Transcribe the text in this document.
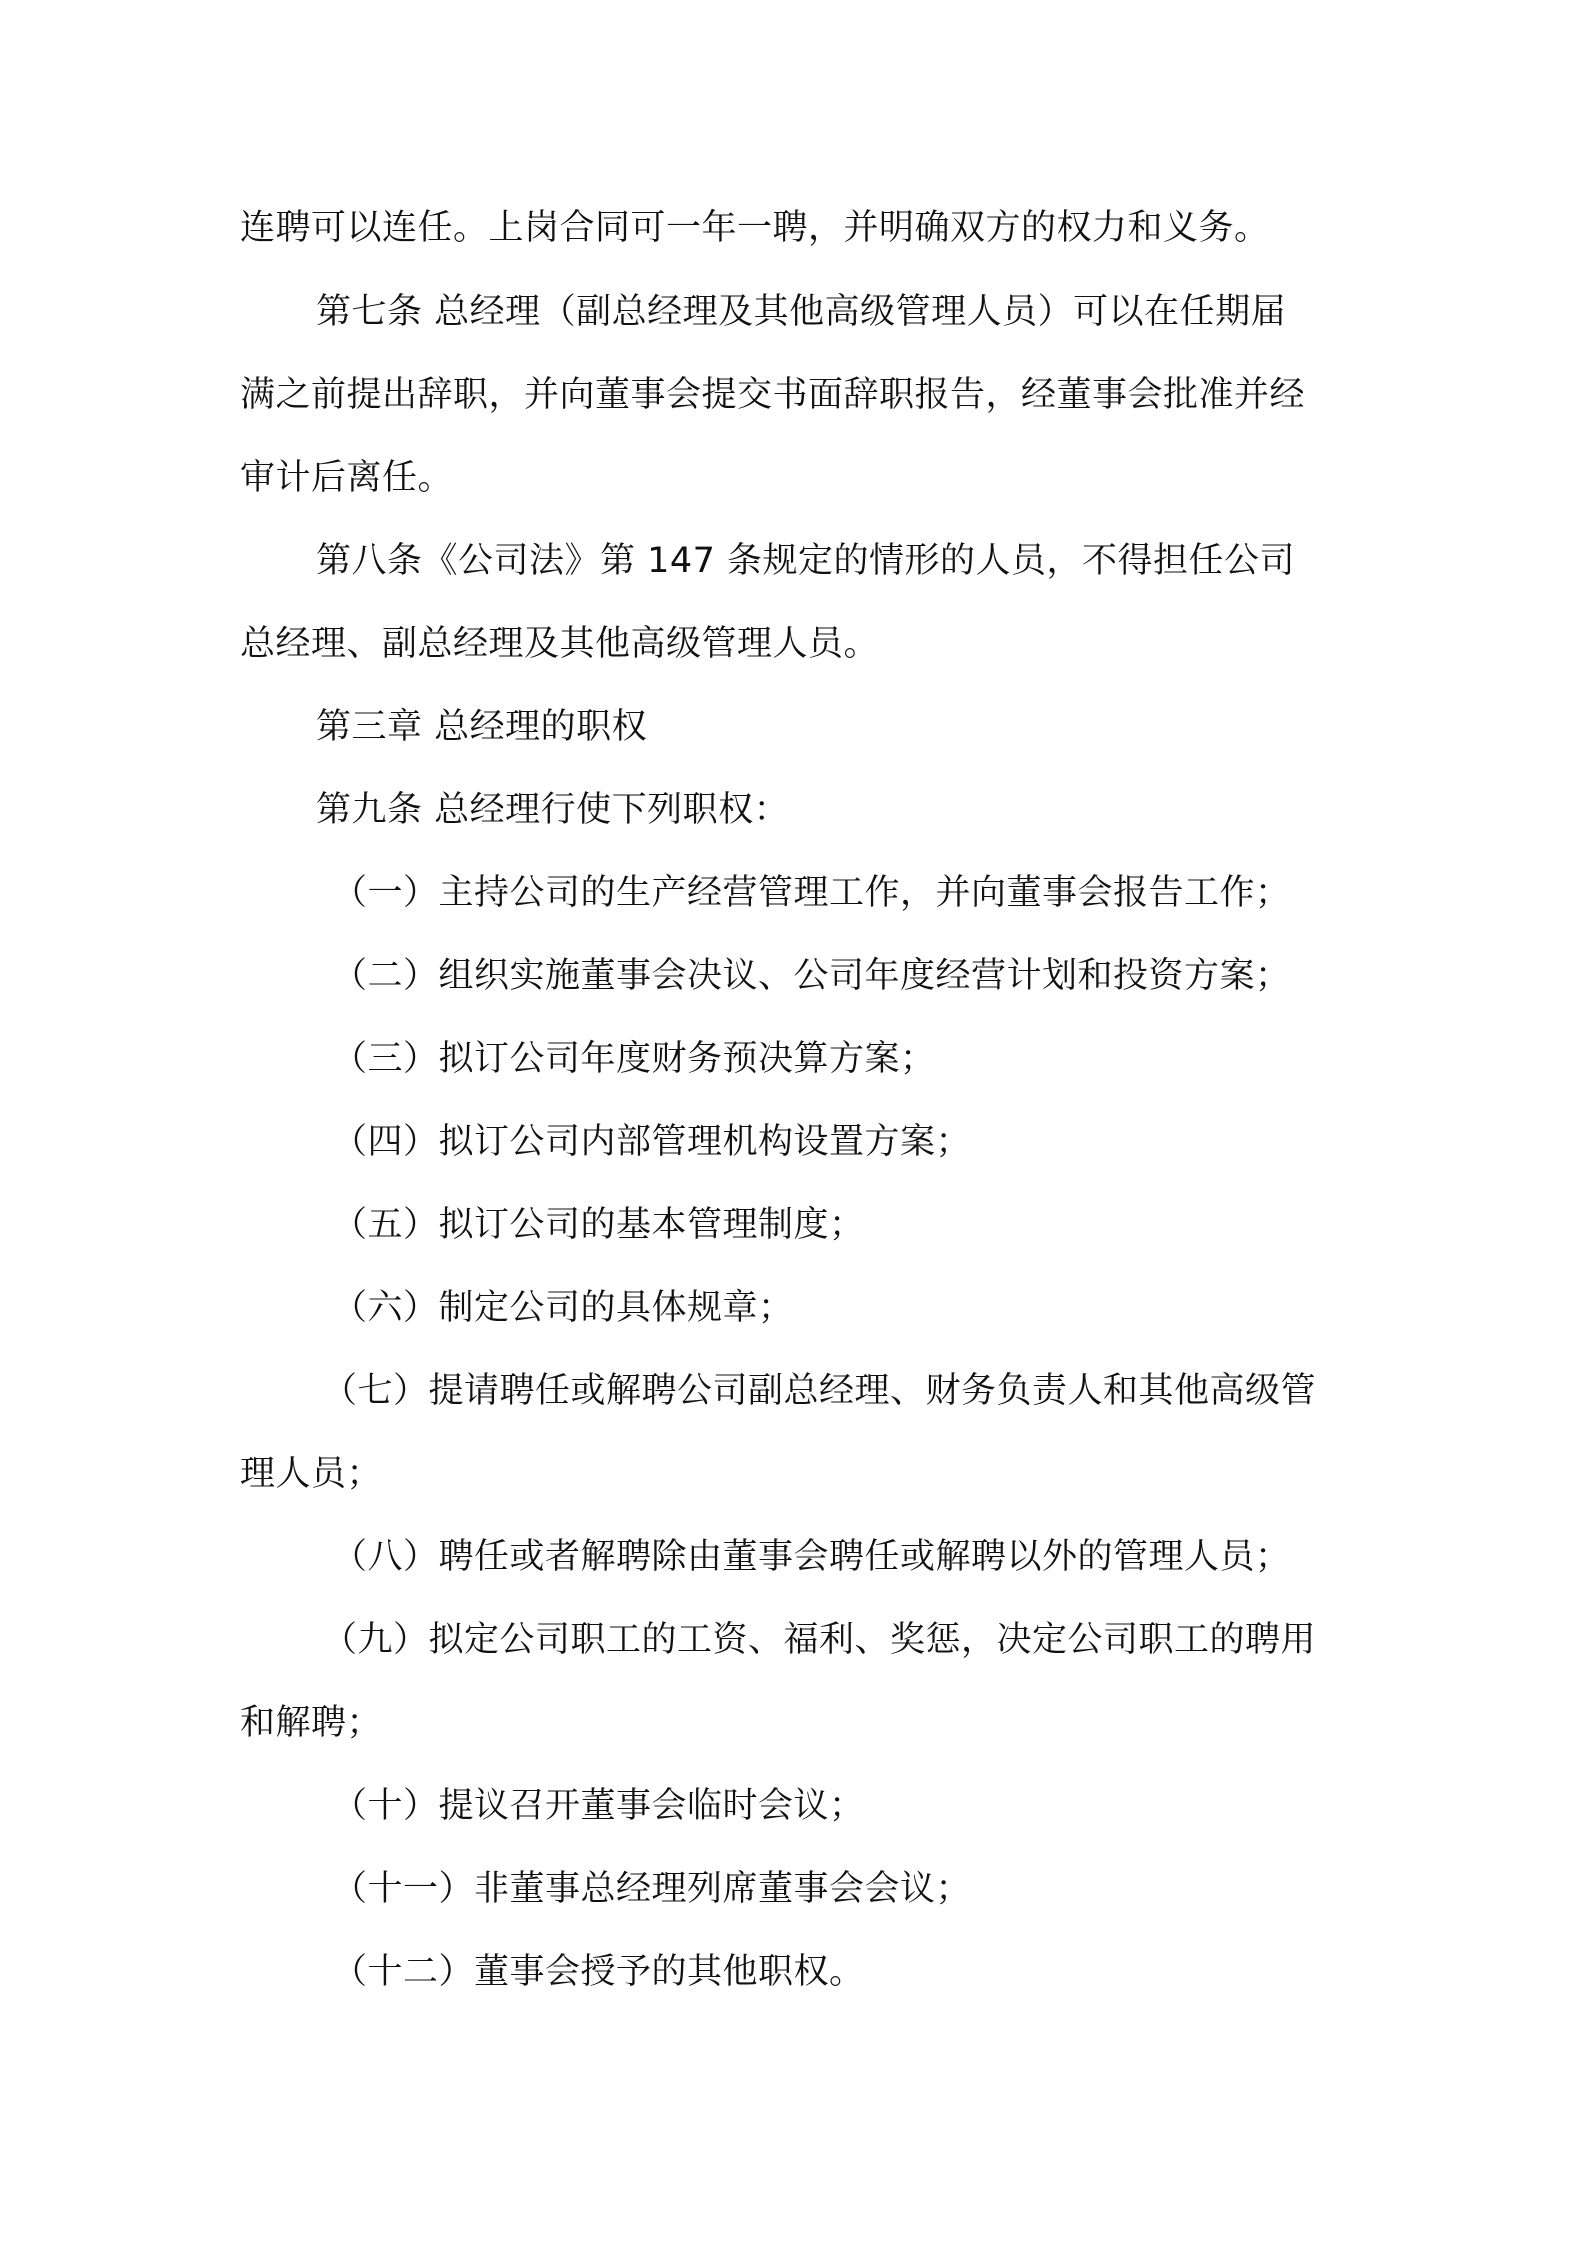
连聘可以连任。上岗合同可一年一聘，并明确双方的权力和义务。
第七条 总经理（副总经理及其他高级管理人员）可以在任期届
满之前提出辞职，并向董事会提交书面辞职报告，经董事会批准并经
审计后离任。
第八条《公司法》第 147 条规定的情形的人员，不得担任公司
总经理、副总经理及其他高级管理人员。
第三章 总经理的职权
第九条 总经理行使下列职权：
（一）主持公司的生产经营管理工作，并向董事会报告工作；
（二）组织实施董事会决议、公司年度经营计划和投资方案；
（三）拟订公司年度财务预决算方案；
（四）拟订公司内部管理机构设置方案；
（五）拟订公司的基本管理制度；
（六）制定公司的具体规章；
（七）提请聘任或解聘公司副总经理、财务负责人和其他高级管
理人员；
（八）聘任或者解聘除由董事会聘任或解聘以外的管理人员；
（九）拟定公司职工的工资、福利、奖惩，决定公司职工的聘用
和解聘；
（十）提议召开董事会临时会议；
（十一）非董事总经理列席董事会会议；
（十二）董事会授予的其他职权。
